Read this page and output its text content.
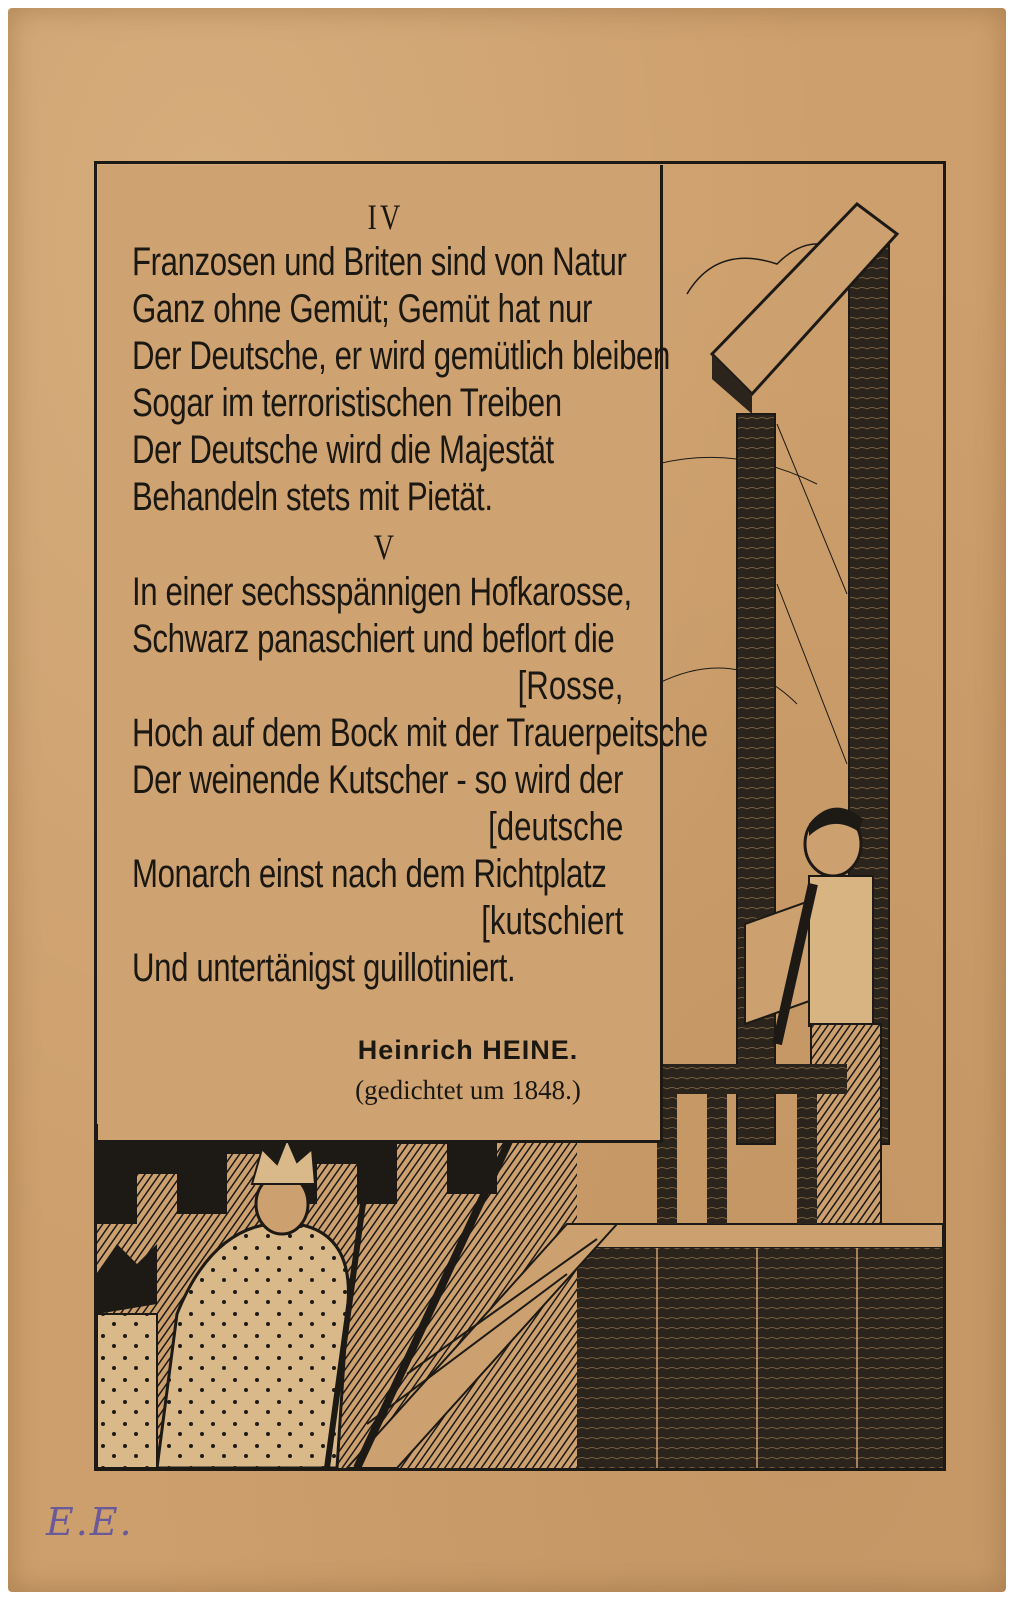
E.E.
IV
Franzosen und Briten sind von Natur
Ganz ohne Gemüt; Gemüt hat nur
Der Deutsche, er wird gemütlich bleiben
Sogar im terroristischen Treiben
Der Deutsche wird die Majestät
Behandeln stets mit Pietät.
V
In einer sechsspännigen Hofkarosse,
Schwarz panaschiert und beflort die
[Rosse,
Hoch auf dem Bock mit der Trauerpeitsche
Der weinende Kutscher - so wird der
[deutsche
Monarch einst nach dem Richtplatz
[kutschiert
Und untertänigst guillotiniert.
Heinrich HEINE.
(gedichtet um 1848.)
